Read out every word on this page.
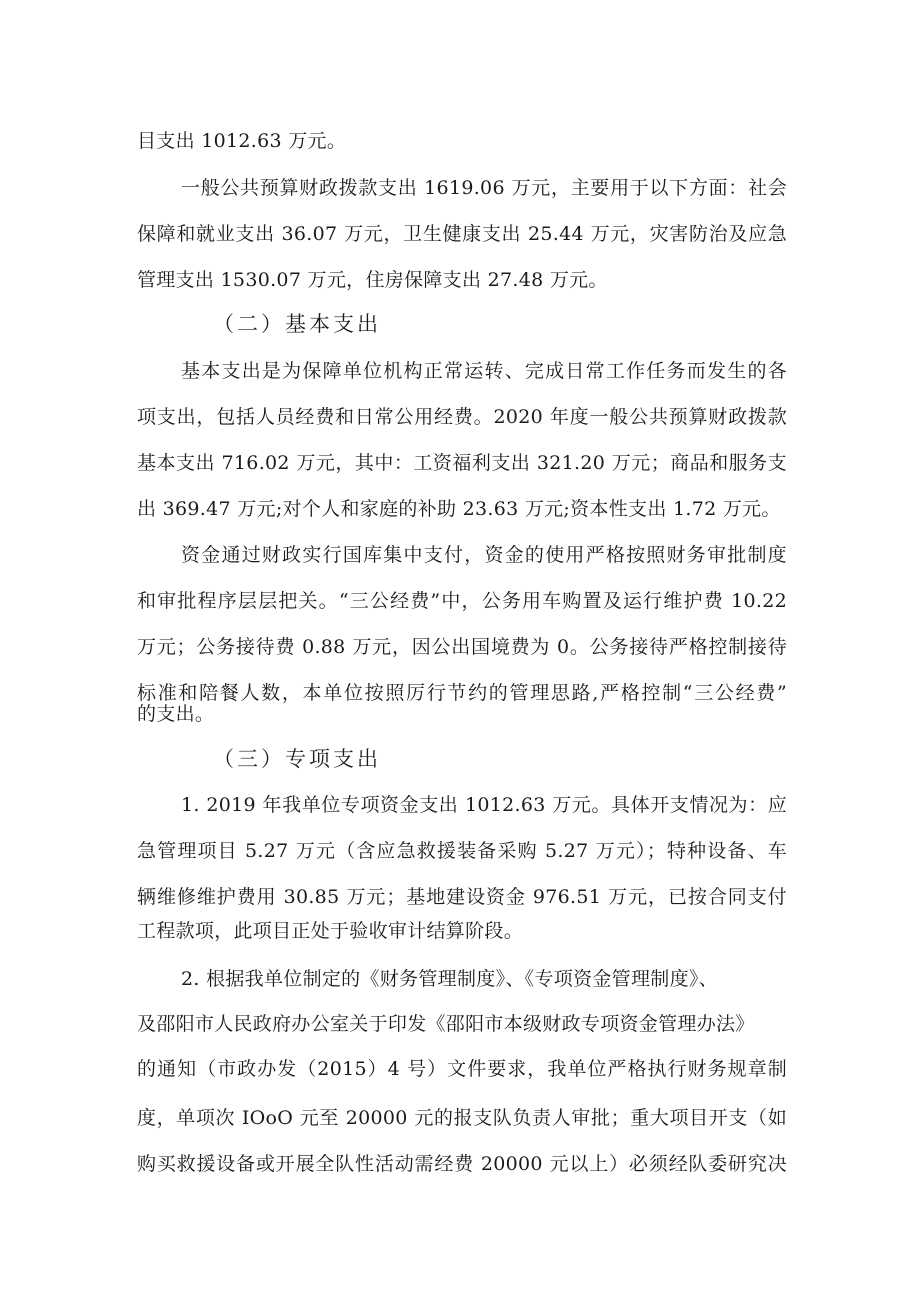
目支出 1012.63 万元。
一般公共预算财政拨款支出 1619.06 万元，主要用于以下方面：社会
保障和就业支出 36.07 万元，卫生健康支出 25.44 万元，灾害防治及应急
管理支出 1530.07 万元，住房保障支出 27.48 万元。
（二）基本支出
基本支出是为保障单位机构正常运转、完成日常工作任务而发生的各
项支出，包括人员经费和日常公用经费。2020 年度一般公共预算财政拨款
基本支出 716.02 万元，其中：工资福利支出 321.20 万元；商品和服务支
出 369.47 万元;对个人和家庭的补助 23.63 万元;资本性支出 1.72 万元。
资金通过财政实行国库集中支付，资金的使用严格按照财务审批制度
和审批程序层层把关。“三公经费”中，公务用车购置及运行维护费 10.22
万元；公务接待费 0.88 万元，因公出国境费为 0。公务接待严格控制接待
标准和陪餐人数，本单位按照厉行节约的管理思路,严格控制“三公经费”
的支出。
（三）专项支出
1. 2019 年我单位专项资金支出 1012.63 万元。具体开支情况为：应
急管理项目 5.27 万元（含应急救援装备采购 5.27 万元）；特种设备、车
辆维修维护费用 30.85 万元；基地建设资金 976.51 万元，已按合同支付
工程款项，此项目正处于验收审计结算阶段。
2. 根据我单位制定的《财务管理制度》、《专项资金管理制度》、
及邵阳市人民政府办公室关于印发《邵阳市本级财政专项资金管理办法》
的通知（市政办发（2015）4 号）文件要求，我单位严格执行财务规章制
度，单项次 IOoO 元至 20000 元的报支队负责人审批；重大项目开支（如
购买救援设备或开展全队性活动需经费 20000 元以上）必须经队委研究决
